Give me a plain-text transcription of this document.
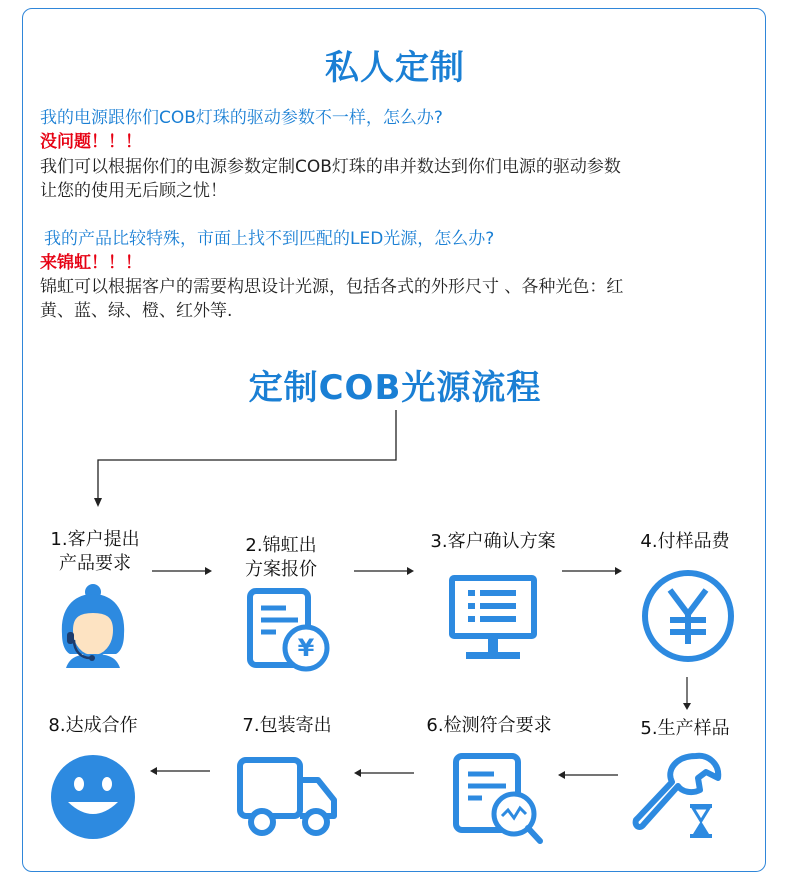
私人定制
我的电源跟你们COB灯珠的驱动参数不一样，怎么办?
没问题！！！
我们可以根据你们的电源参数定制COB灯珠的串并数达到你们电源的驱动参数
让您的使用无后顾之忧！
我的产品比较特殊，市面上找不到匹配的LED光源，怎么办?
来锦虹！！！
锦虹可以根据客户的需要构思设计光源，包括各式的外形尺寸 、各种光色：红
黄、蓝、绿、橙、红外等.
定制COB光源流程
1.客户提出
产品要求
2.锦虹出
方案报价
3.客户确认方案	4.付样品费
5.生产样品
6.检测符合要求
7.包装寄出
8.达成合作
¥
